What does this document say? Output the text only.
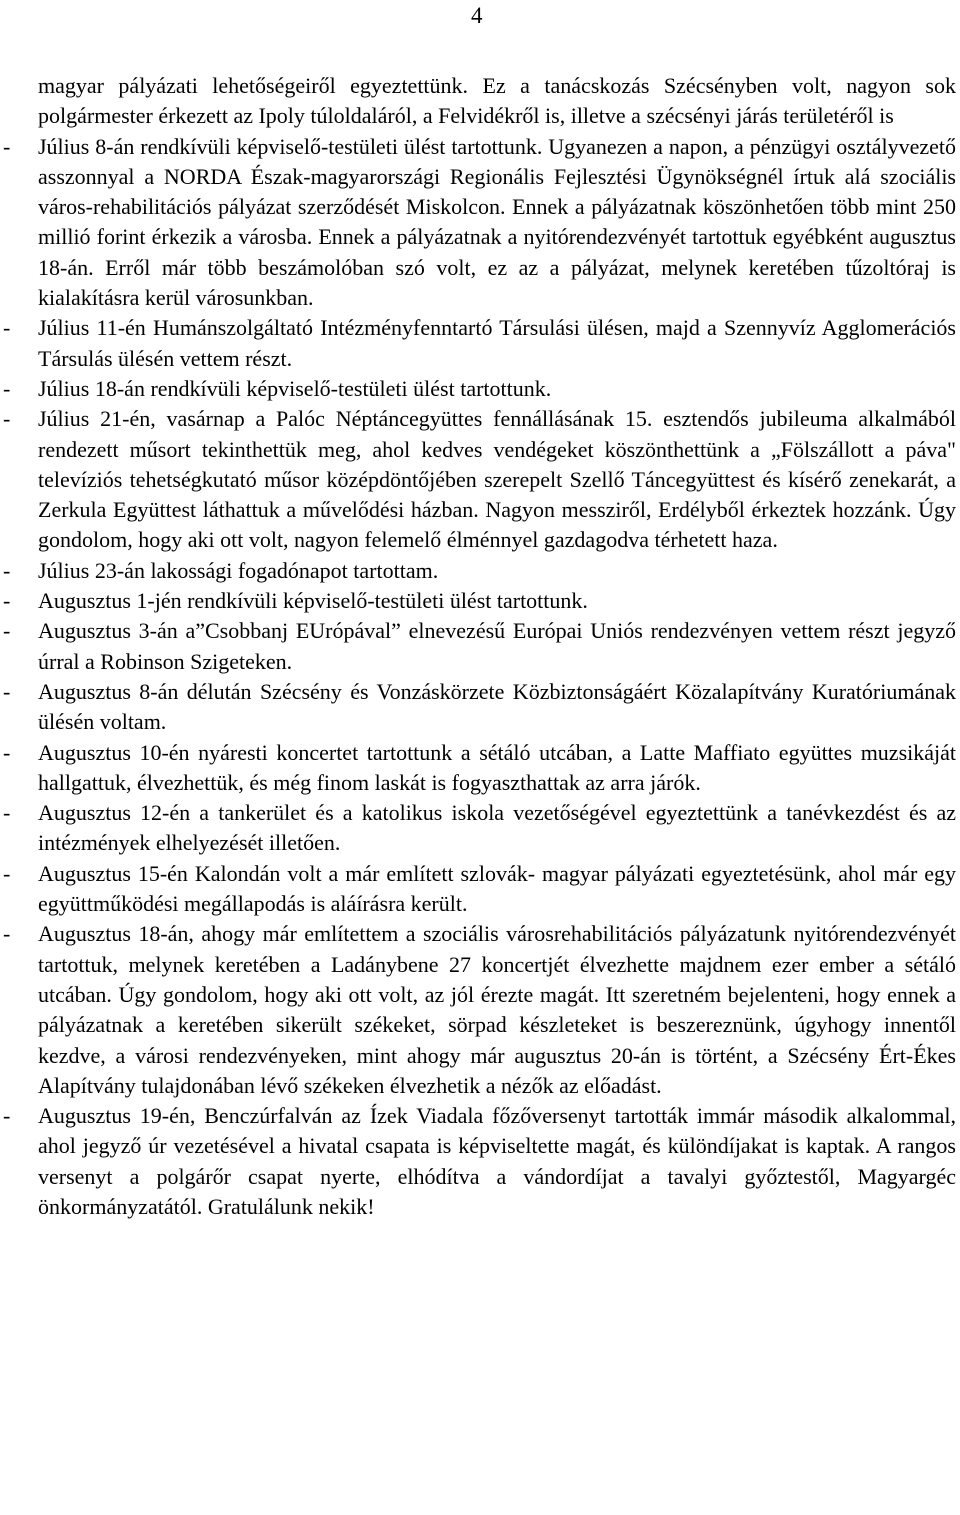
4

magyar pályázati lehetőségeiről egyeztettünk. Ez a tanácskozás Szécsényben volt, nagyon sok polgármester érkezett az Ipoly túloldaláról, a Felvidékről is, illetve a szécsényi járás területéről is

- Július 8-án rendkívüli képviselő-testületi ülést tartottunk. Ugyanezen a napon, a pénzügyi osztályvezető asszonnyal a NORDA Észak-magyarországi Regionális Fejlesztési Ügynökségnél írtuk alá szociális város-rehabilitációs pályázat szerződését Miskolcon. Ennek a pályázatnak köszönhetően több mint 250 millió forint érkezik a városba. Ennek a pályázatnak a nyitórendezvényét tartottuk egyébként augusztus 18-án. Erről már több beszámolóban szó volt, ez az a pályázat, melynek keretében tűzoltóraj is kialakításra kerül városunkban.
- Július 11-én Humánszolgáltató Intézményfenntartó Társulási ülésen, majd a Szennyvíz Agglomerációs Társulás ülésén vettem részt.
- Július 18-án rendkívüli képviselő-testületi ülést tartottunk.
- Július 21-én, vasárnap a Palóc Néptáncegyüttes fennállásának 15. esztendős jubileuma alkalmából rendezett műsort tekinthettük meg, ahol kedves vendégeket köszönthettünk a „Fölszállott a páva" televíziós tehetségkutató műsor középdöntőjében szerepelt Szellő Táncegyüttest és kísérő zenekarát, a Zerkula Együttest láthattuk a művelődési házban. Nagyon messziről, Erdélyből érkeztek hozzánk. Úgy gondolom, hogy aki ott volt, nagyon felemelő élménnyel gazdagodva térhetett haza.
- Július 23-án lakossági fogadónapot tartottam.
- Augusztus 1-jén rendkívüli képviselő-testületi ülést tartottunk.
- Augusztus 3-án a”Csobbanj EUrópával” elnevezésű Európai Uniós rendezvényen vettem részt jegyző úrral a Robinson Szigeteken.
- Augusztus 8-án délután Szécsény és Vonzáskörzete Közbiztonságáért Közalapítvány Kuratóriumának ülésén voltam.
- Augusztus 10-én nyáresti koncertet tartottunk a sétáló utcában, a Latte Maffiato együttes muzsikáját hallgattuk, élvezhettük, és még finom laskát is fogyaszthattak az arra járók.
- Augusztus 12-én a tankerület és a katolikus iskola vezetőségével egyeztettünk a tanévkezdést és az intézmények elhelyezését illetően.
- Augusztus 15-én Kalondán volt a már említett szlovák- magyar pályázati egyeztetésünk, ahol már egy együttműködési megállapodás is aláírásra került.
- Augusztus 18-án, ahogy már említettem a szociális városrehabilitációs pályázatunk nyitórendezvényét tartottuk, melynek keretében a Ladánybene 27 koncertjét élvezhette majdnem ezer ember a sétáló utcában. Úgy gondolom, hogy aki ott volt, az jól érezte magát. Itt szeretném bejelenteni, hogy ennek a pályázatnak a keretében sikerült székeket, sörpad készleteket is beszereznünk, úgyhogy innentől kezdve, a városi rendezvényeken, mint ahogy már augusztus 20-án is történt, a Szécsény Ért-Ékes Alapítvány tulajdonában lévő székeken élvezhetik a nézők az előadást.
- Augusztus 19-én, Benczúrfalván az Ízek Viadala főzőversenyt tartották immár második alkalommal, ahol jegyző úr vezetésével a hivatal csapata is képviseltette magát, és különdíjakat is kaptak. A rangos versenyt a polgárőr csapat nyerte, elhódítva a vándordíjat a tavalyi győztestől, Magyargéc önkormányzatától. Gratulálunk nekik!
